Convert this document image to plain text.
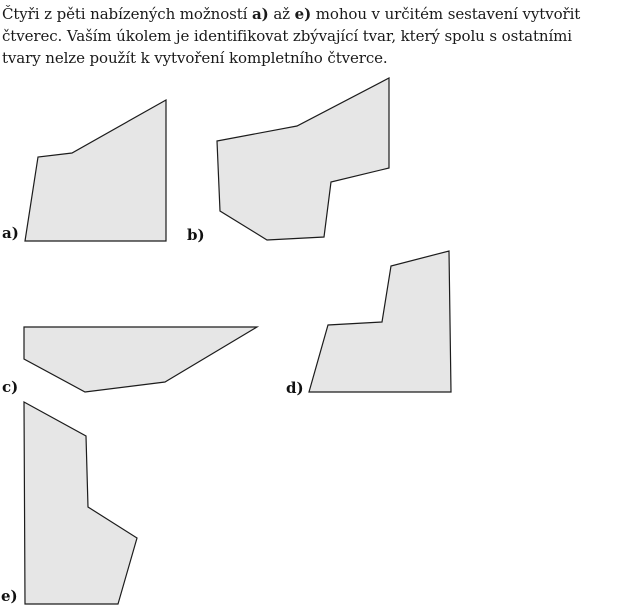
Čtyři z pěti nabízených možností a) až e) mohou v určitém sestavení vytvořit
čtverec. Vaším úkolem je identifikovat zbývající tvar, který spolu s ostatními
tvary nelze použít k vytvoření kompletního čtverce.
a)	b)
c)	d)
e)
